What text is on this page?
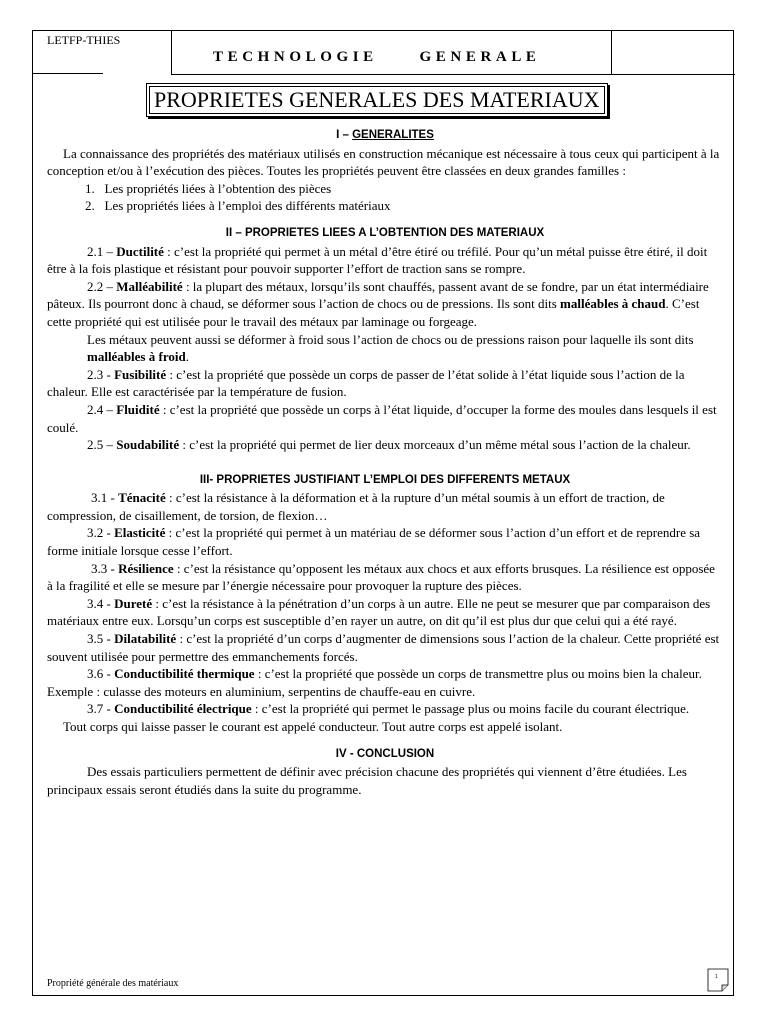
LETFP-THIES
TECHNOLOGIE     GENERALE
PROPRIETES GENERALES DES MATERIAUX

I – GENERALITES

La connaissance des propriétés des matériaux utilisés en construction mécanique est nécessaire à tous ceux qui participent à la conception et/ou à l’exécution des pièces. Toutes les propriétés peuvent être classées en deux grandes familles :

1.   Les propriétés liées à l’obtention des pièces

2.   Les propriétés liées à l’emploi des différents matériaux

II – PROPRIETES LIEES A L’OBTENTION DES MATERIAUX

2.1 – Ductilité : c’est la propriété qui permet à un métal d’être étiré ou tréfilé. Pour qu’un métal puisse être étiré, il doit être à la fois plastique et résistant pour pouvoir supporter l’effort de traction sans se rompre.

2.2 – Malléabilité : la plupart des métaux, lorsqu’ils sont chauffés, passent avant de se fondre, par un état intermédiaire pâteux. Ils pourront donc à chaud, se déformer sous l’action de chocs ou de pressions. Ils sont dits malléables à chaud. C’est cette propriété qui est utilisée pour le travail des métaux par laminage ou forgeage.

Les métaux peuvent aussi se déformer à froid sous l’action de chocs ou de pressions raison pour laquelle ils sont dits malléables à froid.

2.3 - Fusibilité : c’est la propriété que possède un corps de passer de l’état solide à l’état liquide sous l’action de la chaleur. Elle est caractérisée par la température de fusion.

2.4 – Fluidité : c’est la propriété que possède un corps à l’état liquide, d’occuper la forme des moules dans lesquels il est coulé.

2.5 – Soudabilité : c’est la propriété qui permet de lier deux morceaux d’un même métal sous l’action de la chaleur.

III- PROPRIETES JUSTIFIANT L’EMPLOI DES DIFFERENTS METAUX

3.1 - Ténacité : c’est la résistance à la déformation et à la rupture d’un métal soumis à un effort de traction, de compression, de cisaillement, de torsion, de flexion…

3.2 - Elasticité : c’est la propriété qui permet à un matériau de se déformer sous l’action d’un effort et de reprendre sa forme initiale lorsque cesse l’effort.

3.3 - Résilience : c’est la résistance qu’opposent les métaux aux chocs et aux efforts brusques. La résilience est opposée à la fragilité et elle se mesure par l’énergie nécessaire pour provoquer la rupture des pièces.

3.4 - Dureté : c’est la résistance à la pénétration d’un corps à un autre. Elle ne peut se mesurer que par comparaison des matériaux entre eux. Lorsqu’un corps est susceptible d’en rayer un autre, on dit qu’il est plus dur que celui qui a été rayé.

3.5 - Dilatabilité : c’est la propriété d’un corps d’augmenter de dimensions sous l’action de la chaleur. Cette propriété est souvent utilisée pour permettre des emmanchements forcés.

3.6 - Conductibilité thermique : c’est la propriété que possède un corps de transmettre plus ou moins bien la chaleur. Exemple : culasse des moteurs en aluminium, serpentins de chauffe-eau en cuivre.

3.7 - Conductibilité électrique : c’est la propriété qui permet le passage plus ou moins facile du courant électrique.

Tout corps qui laisse passer le courant est appelé conducteur. Tout autre corps est appelé isolant.

IV - CONCLUSION

Des essais particuliers permettent de définir avec précision chacune des propriétés qui viennent d’être étudiées. Les principaux essais seront étudiés dans la suite du programme.

Propriété générale des matériaux
1
